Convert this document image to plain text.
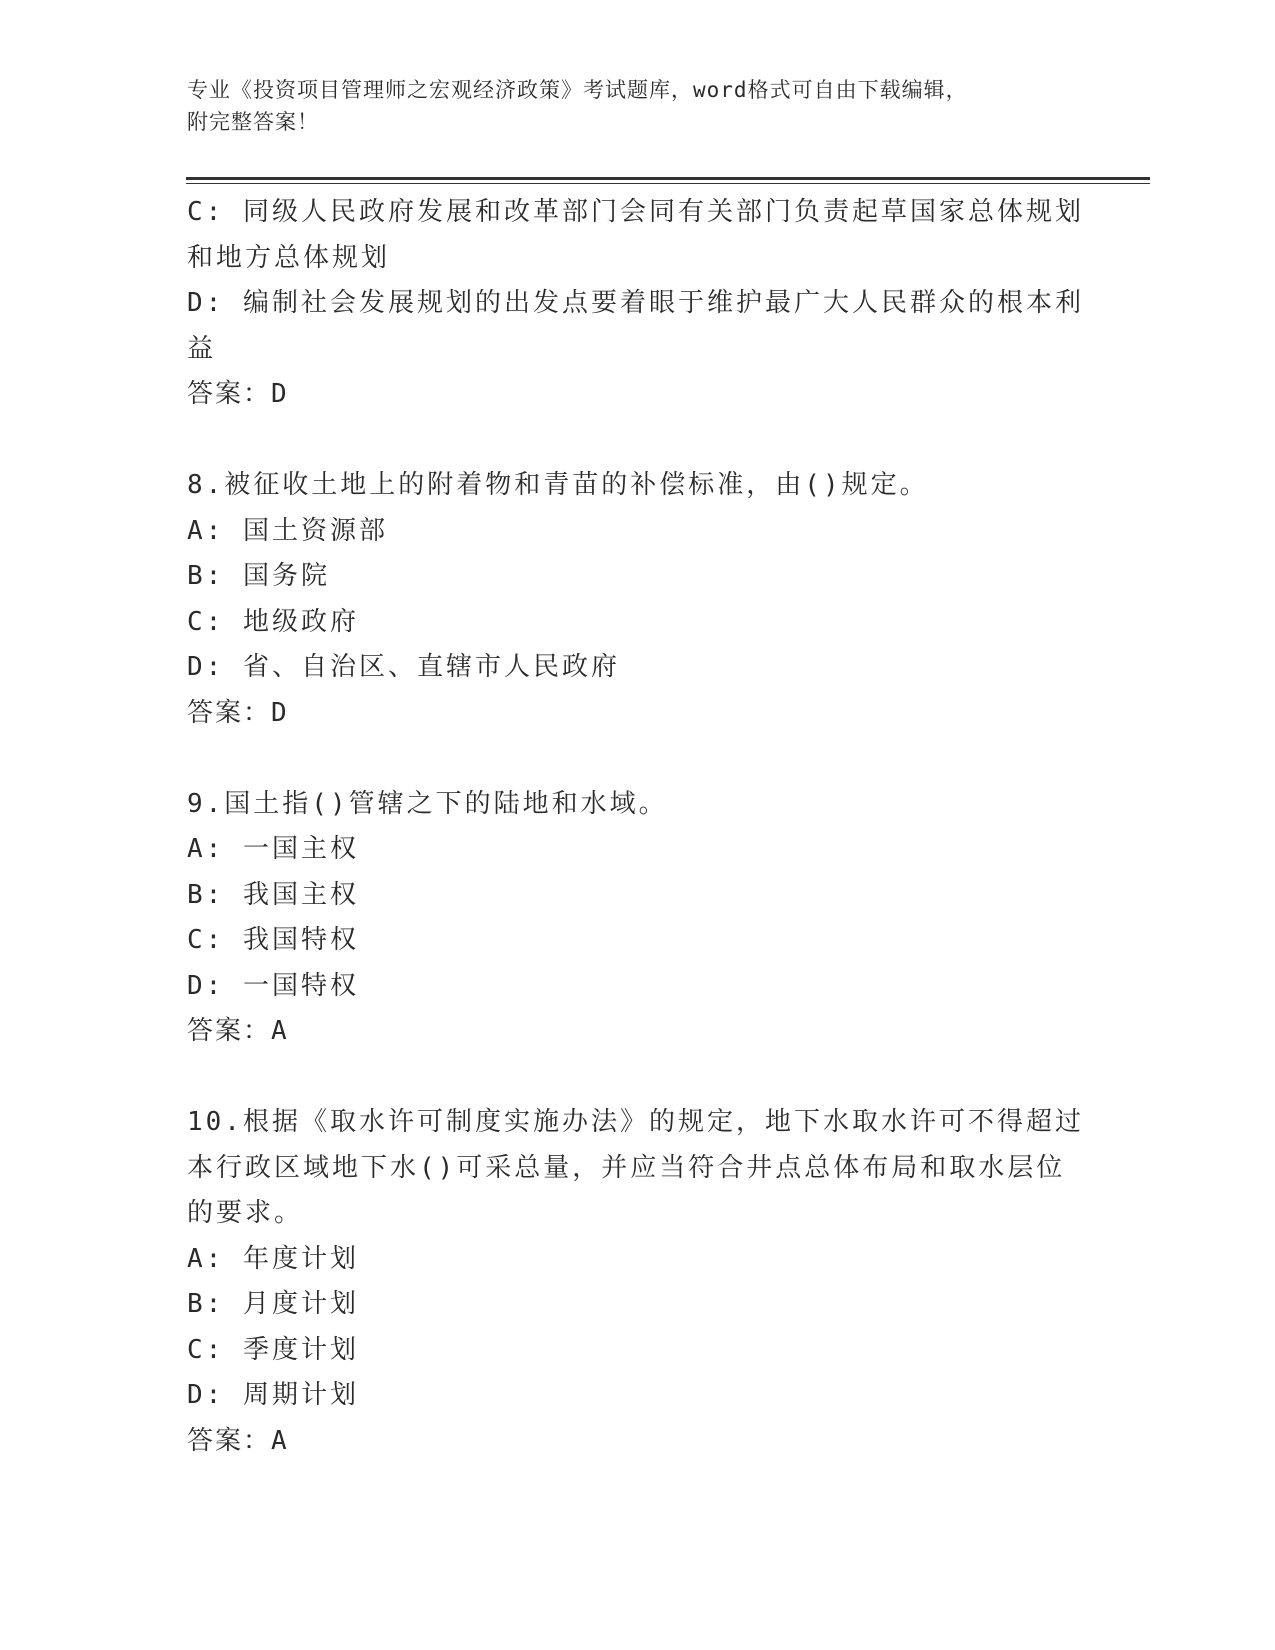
专业《投资项目管理师之宏观经济政策》考试题库，word格式可自由下载编辑，
附完整答案！
C: 同级人民政府发展和改革部门会同有关部门负责起草国家总体规划
和地方总体规划
D: 编制社会发展规划的出发点要着眼于维护最广大人民群众的根本利
益
答案：D
8.被征收土地上的附着物和青苗的补偿标准，由()规定。
A: 国土资源部
B: 国务院
C: 地级政府
D: 省、自治区、直辖市人民政府
答案：D
9.国土指()管辖之下的陆地和水域。
A: 一国主权
B: 我国主权
C: 我国特权
D: 一国特权
答案：A
10.根据《取水许可制度实施办法》的规定，地下水取水许可不得超过
本行政区域地下水()可采总量，并应当符合井点总体布局和取水层位
的要求。
A: 年度计划
B: 月度计划
C: 季度计划
D: 周期计划
答案：A
